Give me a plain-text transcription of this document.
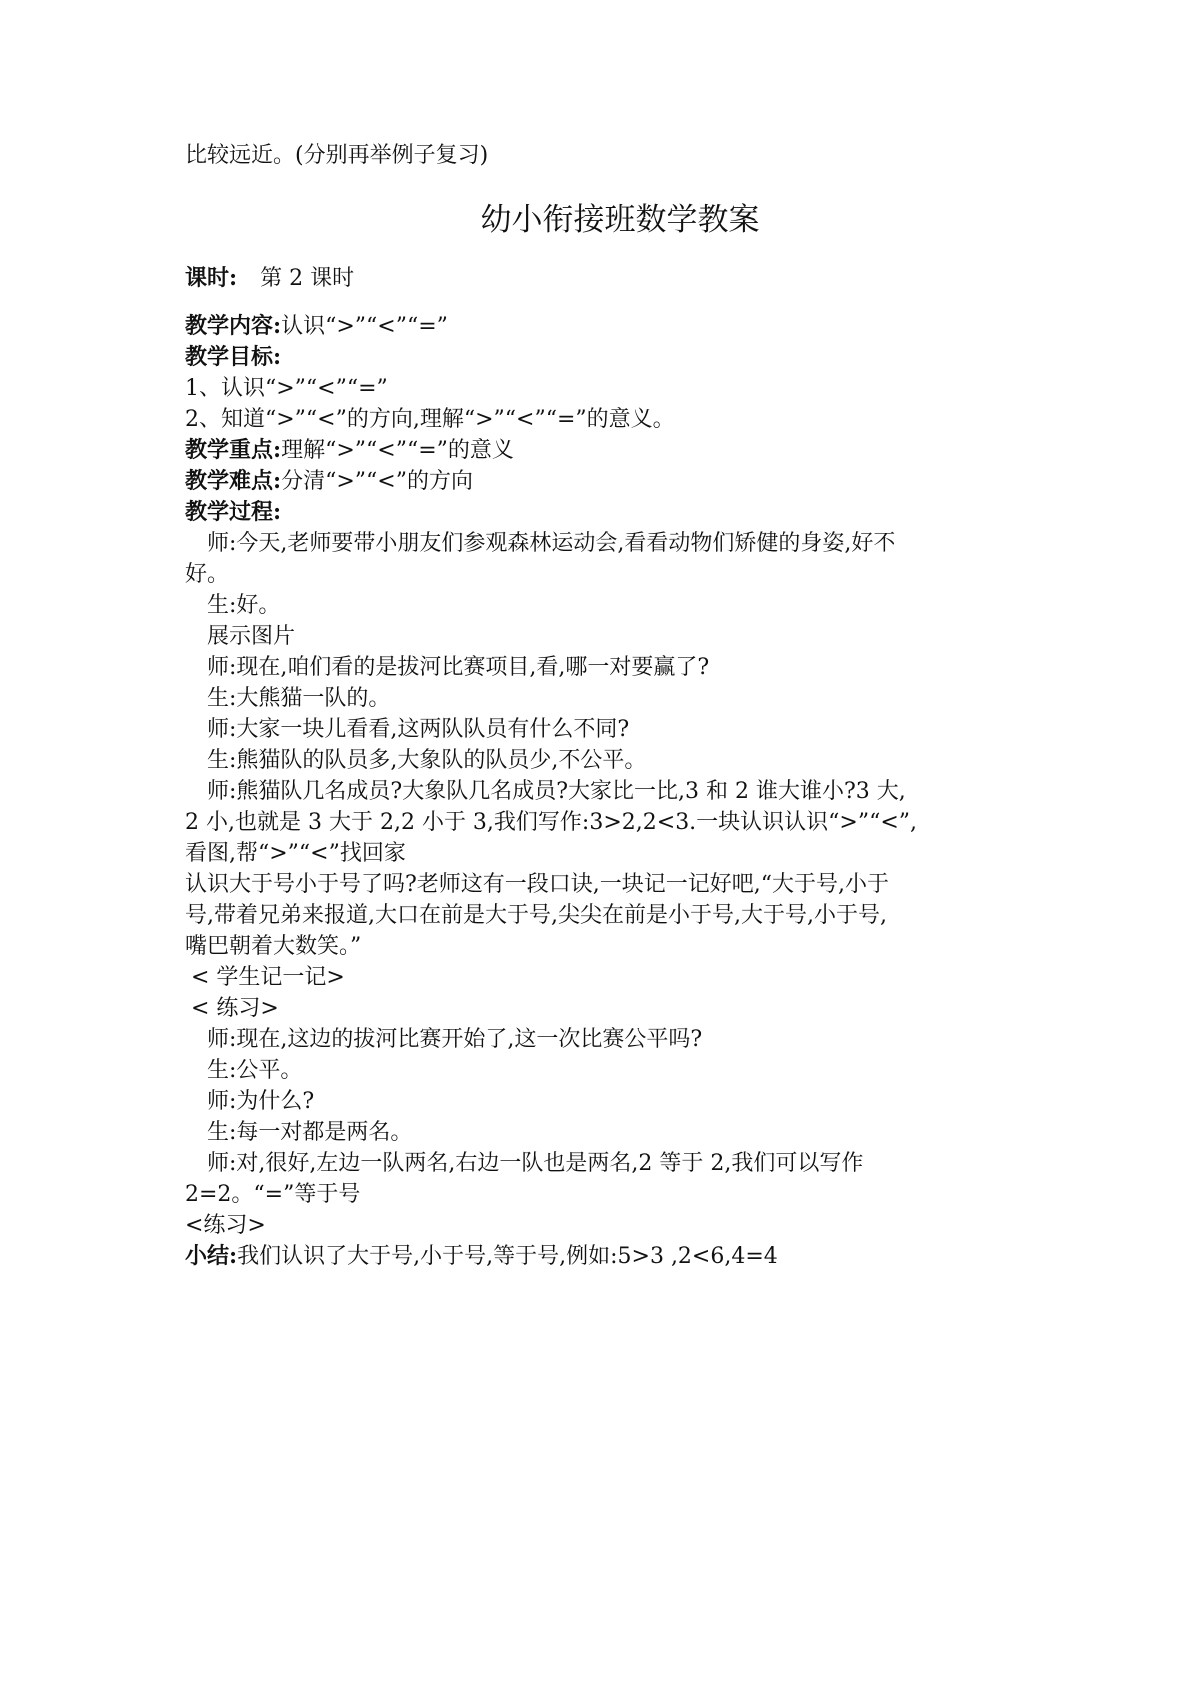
比较远近。(分别再举例子复习)
幼小衔接班数学教案
课时: 第 2 课时
教学内容:认识“>”“<”“=”
教学目标:
1、认识“>”“<”“=”
2、知道“>”“<”的方向,理解“>”“<”“=”的意义。
教学重点:理解“>”“<”“=”的意义
教学难点:分清“>”“<”的方向
教学过程:
师:今天,老师要带小朋友们参观森林运动会,看看动物们矫健的身姿,好不
好。
生:好。
展示图片
师:现在,咱们看的是拔河比赛项目,看,哪一对要赢了?
生:大熊猫一队的。
师:大家一块儿看看,这两队队员有什么不同?
生:熊猫队的队员多,大象队的队员少,不公平。
师:熊猫队几名成员?大象队几名成员?大家比一比,3 和 2 谁大谁小?3 大,
2 小,也就是 3 大于 2,2 小于 3,我们写作:3>2,2<3.一块认识认识“>”“<”,
看图,帮“>”“<”找回家
认识大于号小于号了吗?老师这有一段口诀,一块记一记好吧,“大于号,小于
号,带着兄弟来报道,大口在前是大于号,尖尖在前是小于号,大于号,小于号,
嘴巴朝着大数笑。”
< 学生记一记>
< 练习>
师:现在,这边的拔河比赛开始了,这一次比赛公平吗?
生:公平。
师:为什么?
生:每一对都是两名。
师:对,很好,左边一队两名,右边一队也是两名,2 等于 2,我们可以写作
2=2。“=”等于号
<练习>
小结:我们认识了大于号,小于号,等于号,例如:5>3 ,2<6,4=4
